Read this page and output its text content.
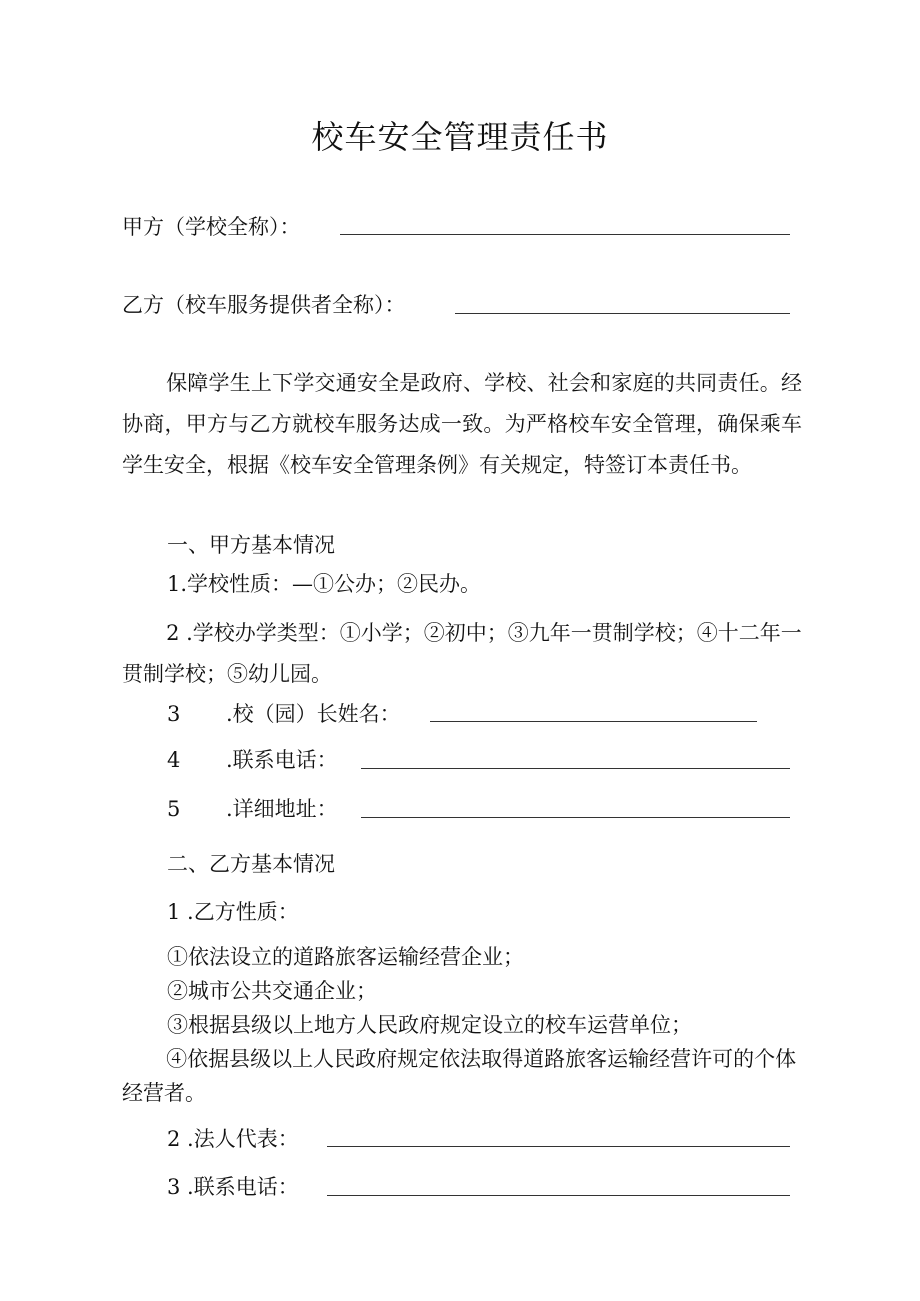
校车安全管理责任书
甲方（学校全称）：
乙方（校车服务提供者全称）：
保障学生上下学交通安全是政府、学校、社会和家庭的共同责任。经协商，甲方与乙方就校车服务达成一致。为严格校车安全管理，确保乘车学生安全，根据《校车安全管理条例》有关规定，特签订本责任书。
一、甲方基本情况
1.学校性质：—①公办；②民办。
2 .学校办学类型：①小学；②初中；③九年一贯制学校；④十二年一贯制学校；⑤幼儿园。
3 .校（园）长姓名：
4 .联系电话：
5 .详细地址：
二、乙方基本情况
1 .乙方性质：
①依法设立的道路旅客运输经营企业；
②城市公共交通企业；
③根据县级以上地方人民政府规定设立的校车运营单位；
④依据县级以上人民政府规定依法取得道路旅客运输经营许可的个体经营者。
2 .法人代表：
3 .联系电话：
